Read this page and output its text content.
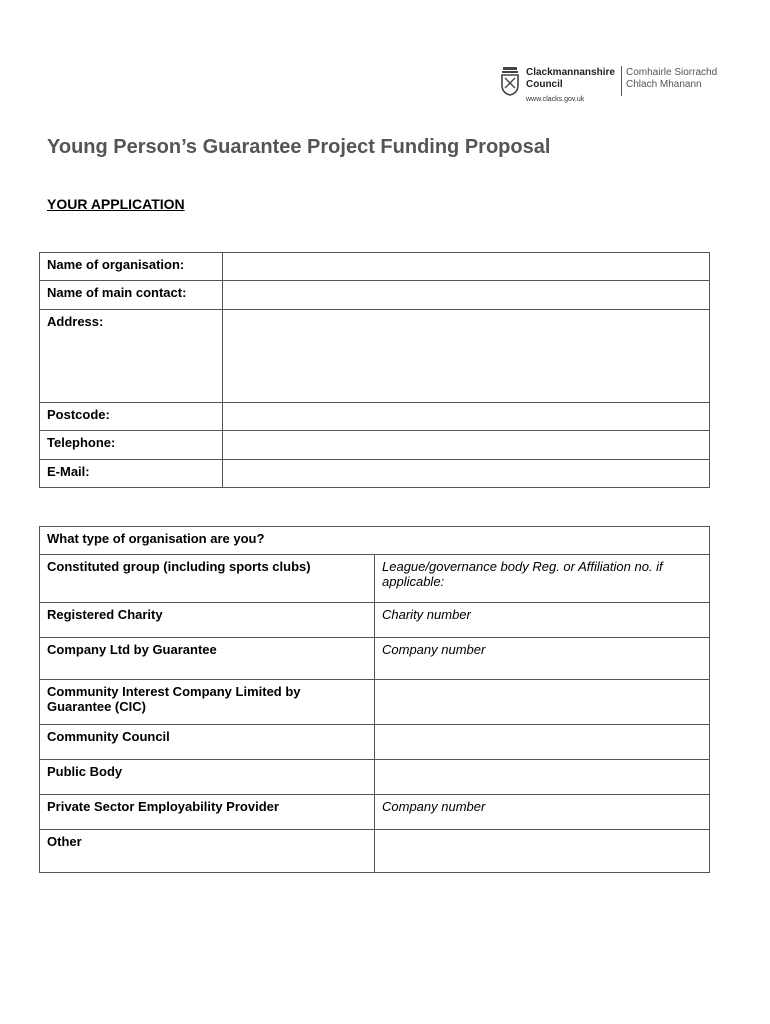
Clackmannanshire
Council
Comhairle Siorrachd
Chlach Mhanann
www.clacks.gov.uk
Young Person’s Guarantee Project Funding Proposal
YOUR APPLICATION
Name of organisation:	
Name of main contact:	
Address:	
Postcode:	
Telephone:	
E-Mail:	
What type of organisation are you?	
Constituted group (including sports clubs)	League/governance body Reg. or Affiliation no. if applicable:
Registered Charity	Charity number
Company Ltd by Guarantee	Company number
Community Interest Company Limited by Guarantee (CIC)	
Community Council	
Public Body	
Private Sector Employability Provider	Company number
Other	
